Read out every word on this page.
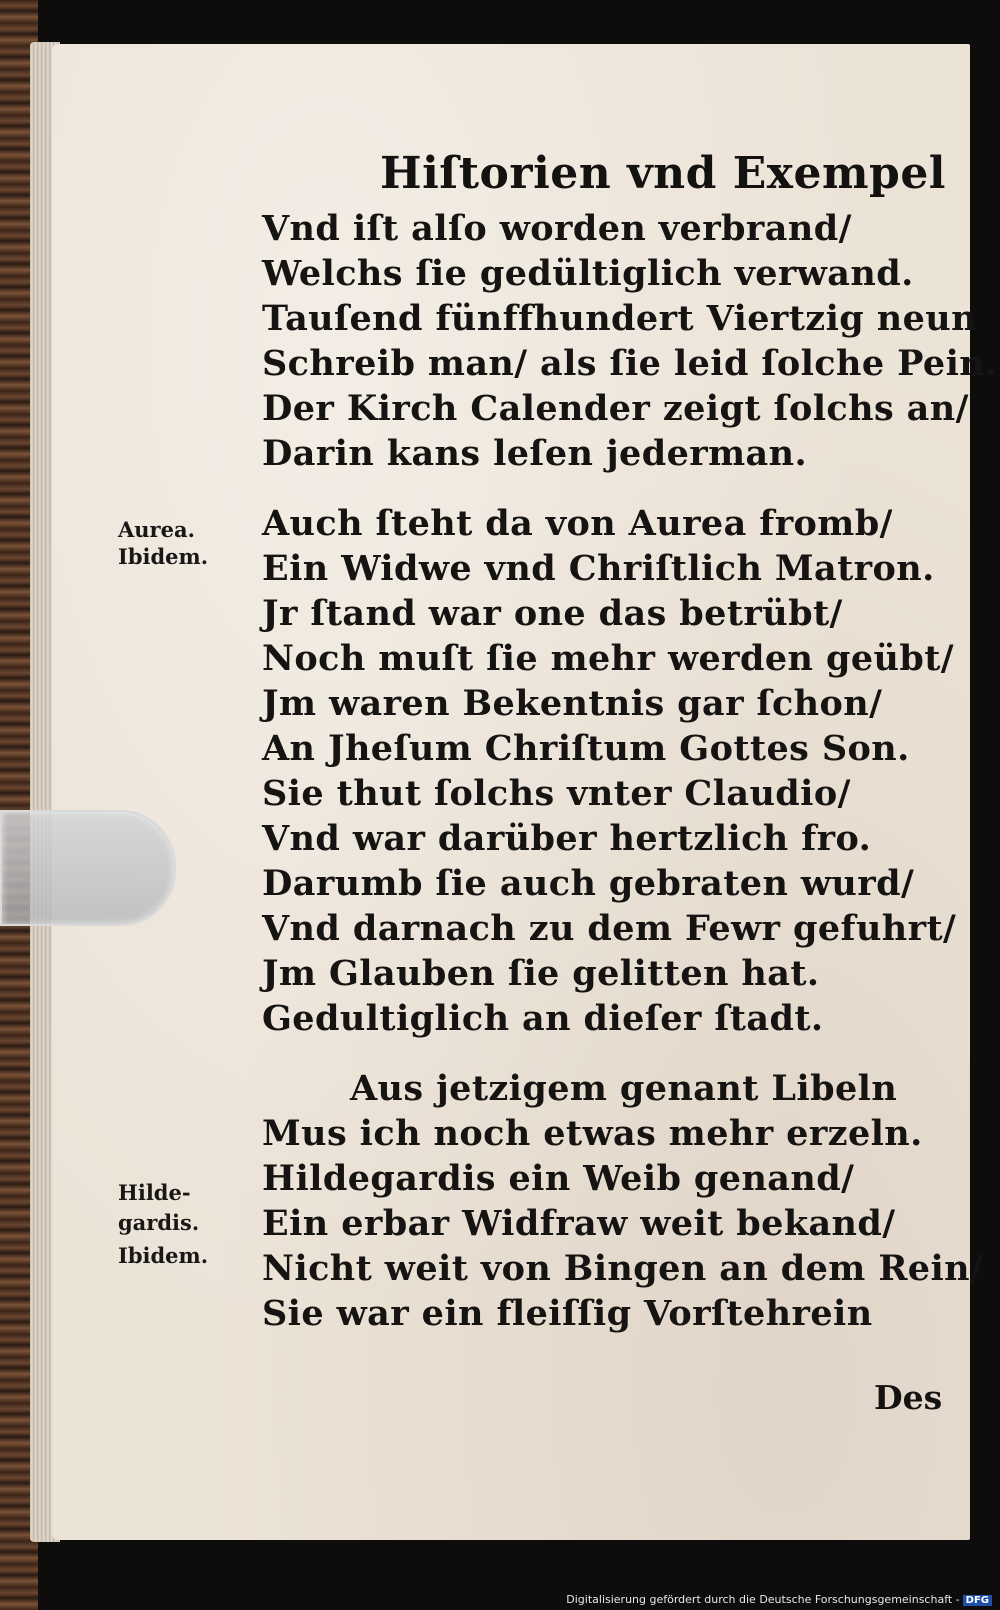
Hiſtorien vnd Exempel
Vnd iſt alſo worden verbrand/
Welchs ſie gedültiglich verwand.
Tauſend fünffhundert Viertzig neun
Schreib man/ als ſie leid ſolche Pein.
Der Kirch Calender zeigt ſolchs an/
Darin kans leſen jederman.
Auch ſteht da von Aurea fromb/
Ein Widwe vnd Chriſtlich Matron.
Jr ſtand war one das betrübt/
Noch muſt ſie mehr werden geübt/
Jm waren Bekentnis gar ſchon/
An Jheſum Chriſtum Gottes Son.
Sie thut ſolchs vnter Claudio/
Vnd war darüber hertzlich fro.
Darumb ſie auch gebraten wurd/
Vnd darnach zu dem Fewr gefuhrt/
Jm Glauben ſie gelitten hat.
Gedultiglich an dieſer ſtadt.
Aus jetzigem genant Libeln
Mus ich noch etwas mehr erzeln.
Hildegardis ein Weib genand/
Ein erbar Widfraw weit bekand/
Nicht weit von Bingen an dem Rein/
Sie war ein fleiſſig Vorſtehrein
Aurea.
Ibidem.
Hilde-
gardis.
Ibidem.
Des
Digitalisierung gefördert durch die Deutsche Forschungsgemeinschaft - DFG
